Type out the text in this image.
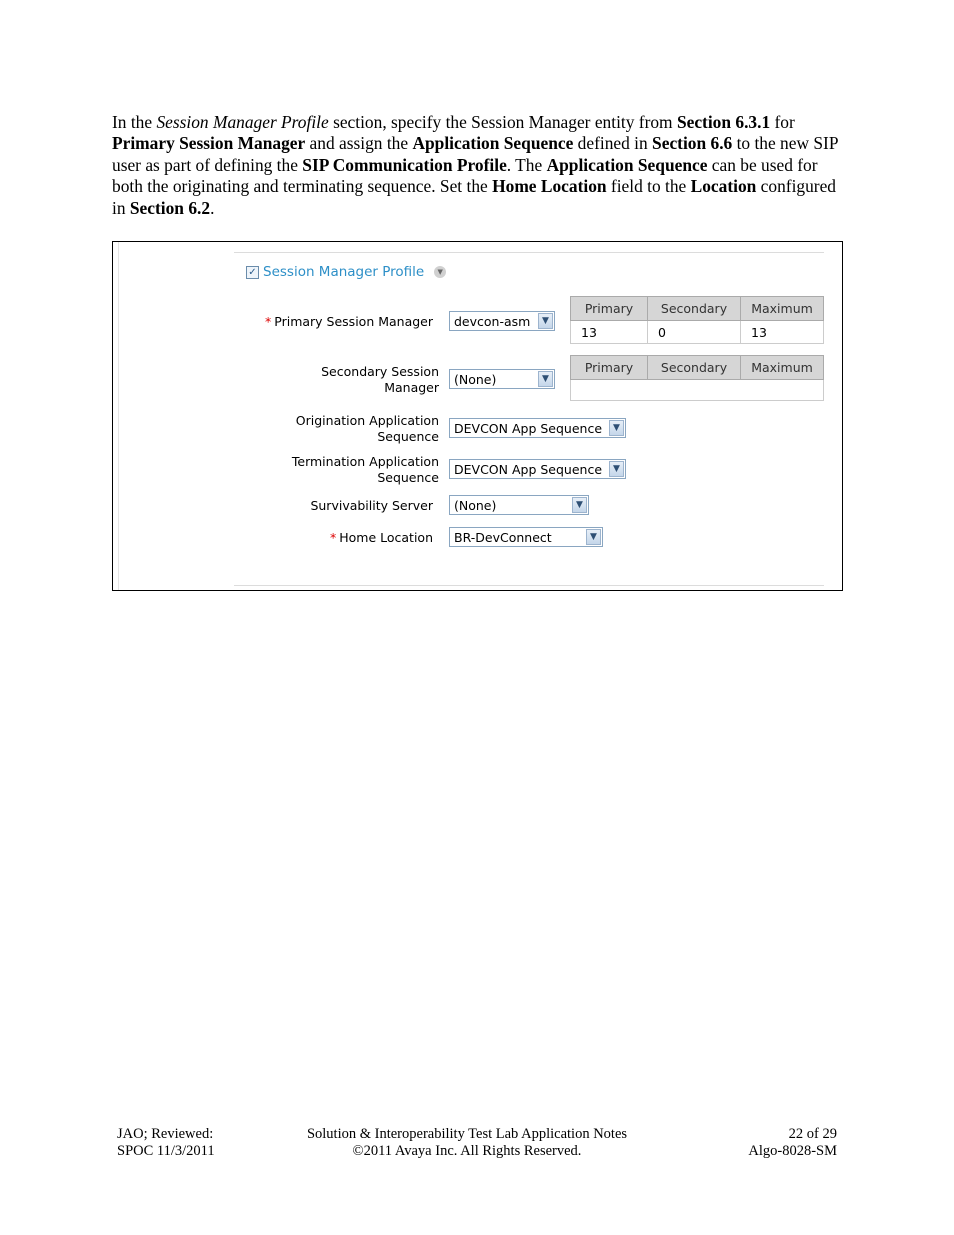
In the Session Manager Profile section, specify the Session Manager entity from Section 6.3.1 for Primary Session Manager and assign the Application Sequence defined in Section 6.6 to the new SIP user as part of defining the SIP Communication Profile. The Application Sequence can be used for both the originating and terminating sequence. Set the Home Location field to the Location configured in Section 6.2.
✓ Session Manager Profile	▼
* Primary Session Manager devcon-asm	▼
Primary	Secondary	Maximum
13	0	13
Secondary Session
Manager
(None)	▼
Primary	Secondary	Maximum

Origination Application
Sequence
DEVCON App Sequence	▼
Termination Application
Sequence
DEVCON App Sequence	▼
Survivability Server (None)	▼
* Home Location BR-DevConnect	▼
JAO; Reviewed:
SPOC 11/3/2011
Solution & Interoperability Test Lab Application Notes
©2011 Avaya Inc. All Rights Reserved.
22 of 29
Algo-8028-SM
